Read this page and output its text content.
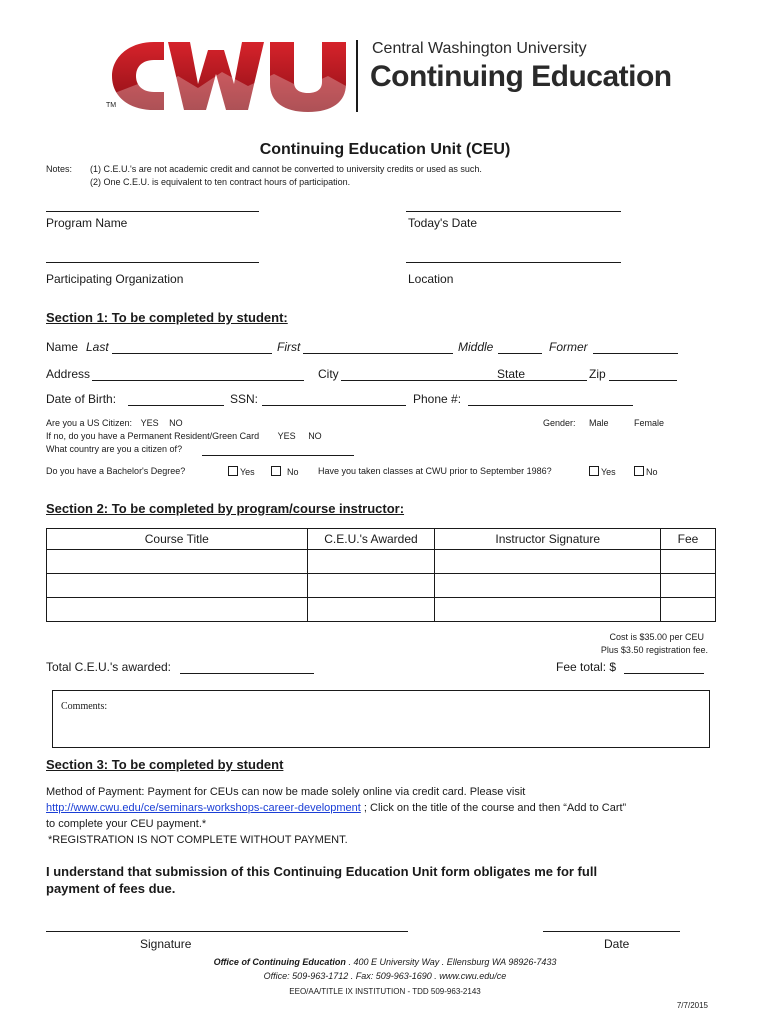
TM
Central Washington University
Continuing Education
Continuing Education Unit (CEU)
Notes: (1) C.E.U.'s are not academic credit and cannot be converted to university credits or used as such.
(2) One C.E.U. is equivalent to ten contract hours of participation.
Program Name	Today's Date
Participating Organization	Location
Section 1: To be completed by student:
Name Last	First	Middle	Former
Address	City	State	Zip
Date of Birth:	SSN:	Phone #:
Are you a US Citizen: YES NO	Gender: Male	Female
If no, do you have a Permanent Resident/Green Card YES NO
What country are you a citizen of?
Do you have a Bachelor's Degree?	Yes	No Have you taken classes at CWU prior to September 1986?	Yes	No
Section 2: To be completed by program/course instructor:
Course Title	C.E.U.'s Awarded	Instructor Signature	Fee

Cost is $35.00 per CEU
Plus $3.50 registration fee.
Total C.E.U.'s awarded:	Fee total: $
Comments:
Section 3: To be completed by student
Method of Payment: Payment for CEUs can now be made solely online via credit card. Please visit
http://www.cwu.edu/ce/seminars-workshops-career-development ; Click on the title of the course and then “Add to Cart”
to complete your CEU payment.*
*REGISTRATION IS NOT COMPLETE WITHOUT PAYMENT.
I understand that submission of this Continuing Education Unit form obligates me for full
payment of fees due.
Signature	Date
Office of Continuing Education . 400 E University Way . Ellensburg WA 98926-7433
Office: 509-963-1712 . Fax: 509-963-1690 . www.cwu.edu/ce
EEO/AA/TITLE IX INSTITUTION - TDD 509-963-2143
7/7/2015
